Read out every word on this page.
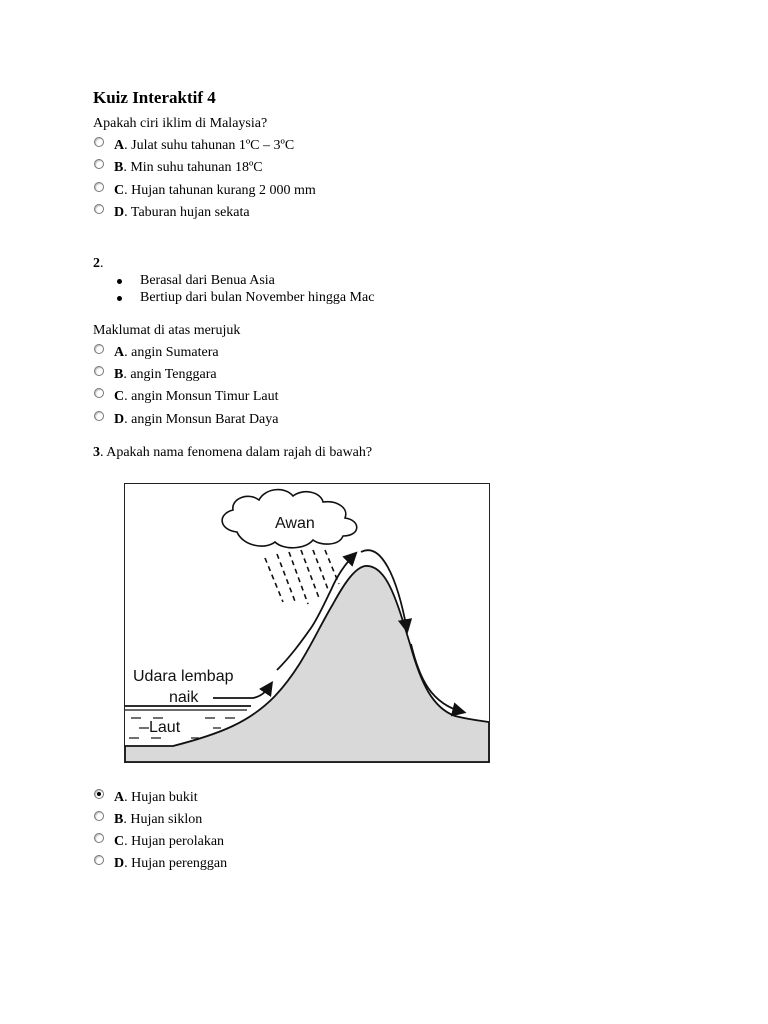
Kuiz Interaktif 4

Apakah ciri iklim di Malaysia?

A . Julat suhu tahunan 1ºC – 3ºC
B . Min suhu tahunan 18ºC
C . Hujan tahunan kurang 2 000 mm
D . Taburan hujan sekata

2.

Berasal dari Benua Asia
Bertiup dari bulan November hingga Mac

Maklumat di atas merujuk

A . angin Sumatera
B . angin Tenggara
C . angin Monsun Timur Laut
D . angin Monsun Barat Daya

3. Apakah nama fenomena dalam rajah di bawah?

Awan
Udara lembap
naik
Laut
A . Hujan bukit
B . Hujan siklon
C . Hujan perolakan
D . Hujan perenggan
